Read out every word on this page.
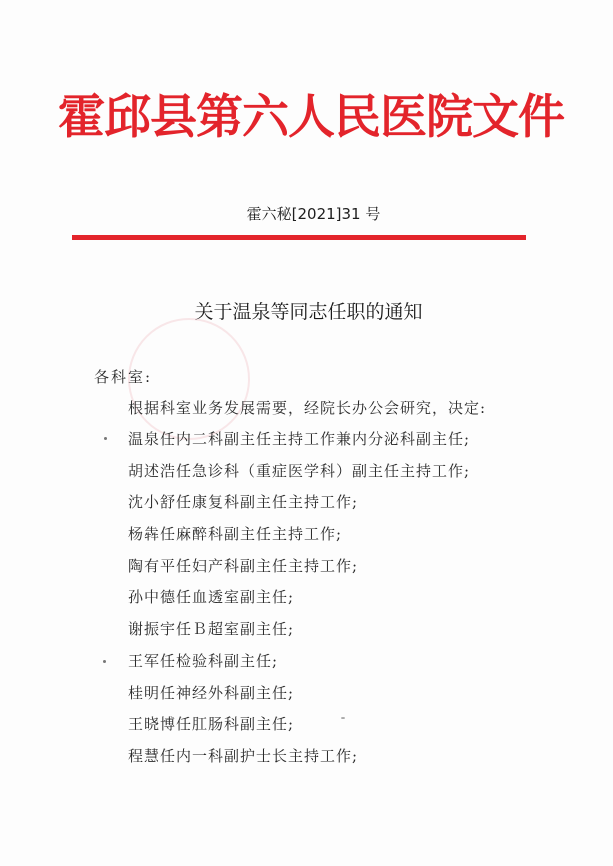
霍邱县第六人民医院文件
霍六秘[2021]31 号
关于温泉等同志任职的通知
各科室:
根据科室业务发展需要，经院长办公会研究，决定:
温泉任内二科副主任主持工作兼内分泌科副主任;
胡述浩任急诊科（重症医学科）副主任主持工作;
沈小舒任康复科副主任主持工作;
杨犇任麻醉科副主任主持工作;
陶有平任妇产科副主任主持工作;
孙中德任血透室副主任;
谢振宇任Ｂ超室副主任;
王军任检验科副主任;
桂明任神经外科副主任;
王晓博任肛肠科副主任;
程慧任内一科副护士长主持工作;
